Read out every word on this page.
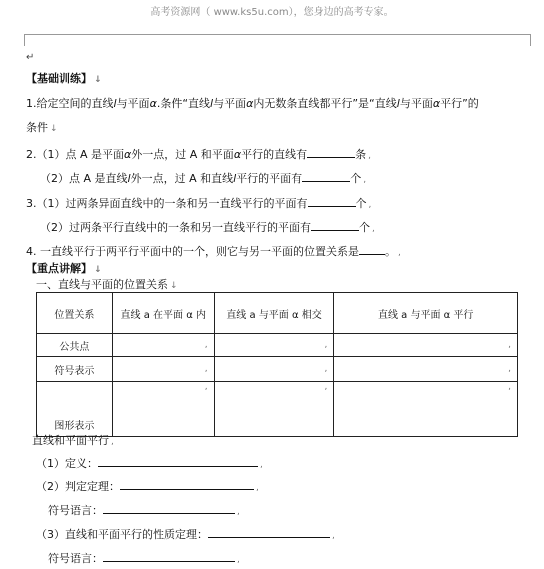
高考资源网（ www.ks5u.com），您身边的高考专家。
↵
【基础训练】 ↓
1.给定空间的直线l与平面α.条件“直线l与平面α内无数条直线都平行”是“直线l与平面α平行”的
条件 ↓
2.（1）点 A 是平面α外一点，过 A 和平面α平行的直线有	条 ,
（2）点 A 是直线l外一点，过 A 和直线l平行的平面有	个 ,
3.（1）过两条异面直线中的一条和另一直线平行的平面有	个 ,
（2）过两条平行直线中的一条和另一直线平行的平面有	个 ,
4. 一直线平行于两平行平面中的一个，则它与另一平面的位置关系是 。 ,
【重点讲解】 ↓
一、直线与平面的位置关系 ↓
位置关系	直线 a 在平面 α 内	直线 a 与平面 α 相交	直线 a 与平面 α 平行
公共点	,	,	,

符号表示	,	,	,

图形表示	,	,	,
直线和平面平行 ,
（1）定义：	,
（2）判定定理：	,
符号语言：	,
（3）直线和平面平行的性质定理：	,
符号语言：	,
